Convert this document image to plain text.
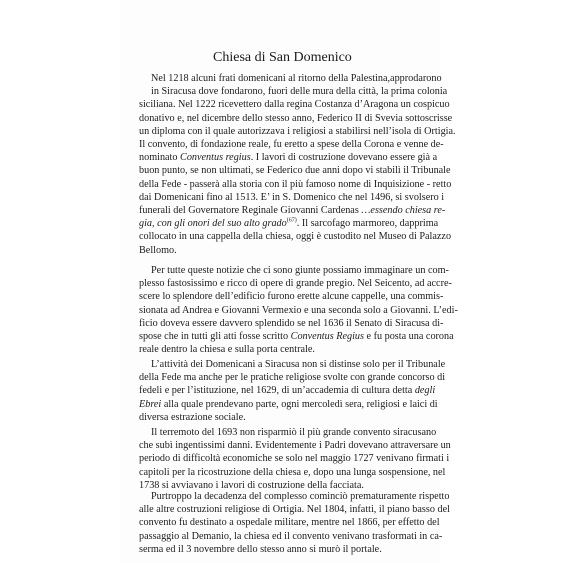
Chiesa di San Domenico
Nel 1218 alcuni frati domenicani al ritorno della Palestina,approdarono
in Siracusa dove fondarono, fuori delle mura della città, la prima colonia
siciliana. Nel 1222 ricevettero dalla regina Costanza d’Aragona un cospicuo
donativo e, nel dicembre dello stesso anno, Federico II di Svevia sottoscrisse
un diploma con il quale autorizzava i religiosi a stabilirsi nell’isola di Ortigia.
Il convento, di fondazione reale, fu eretto a spese della Corona e venne de-
nominato Conventus regius. I lavori di costruzione dovevano essere già a
buon punto, se non ultimati, se Federico due anni dopo vi stabilì il Tribunale
della Fede - passerà alla storia con il più famoso nome di Inquisizione - retto
dai Domenicani fino al 1513. E’ in S. Domenico che nel 1496, si svolsero i
funerali del Governatore Reginale Giovanni Cardenas …essendo chiesa re-
gia, con gli onori del suo alto grado$^{(67)}$. Il sarcofago marmoreo, dapprima
collocato in una cappella della chiesa, oggi è custodito nel Museo di Palazzo
Bellomo.
Per tutte queste notizie che ci sono giunte possiamo immaginare un com-
plesso fastosissimo e ricco di opere di grande pregio. Nel Seicento, ad accre-
scere lo splendore dell’edificio furono erette alcune cappelle, una commis-
sionata ad Andrea e Giovanni Vermexio e una seconda solo a Giovanni. L’edi-
ficio doveva essere davvero splendido se nel 1636 il Senato di Siracusa di-
spose che in tutti gli atti fosse scritto Conventus Regius e fu posta una corona
reale dentro la chiesa e sulla porta centrale.
L’attività dei Domenicani a Siracusa non si distinse solo per il Tribunale
della Fede ma anche per le pratiche religiose svolte con grande concorso di
fedeli e per l’istituzione, nel 1629, di un’accademia di cultura detta degli
Ebrei alla quale prendevano parte, ogni mercoledì sera, religiosi e laici di
diversa estrazione sociale.
Il terremoto del 1693 non risparmiò il più grande convento siracusano
che subì ingentissimi danni. Evidentemente i Padri dovevano attraversare un
periodo di difficoltà economiche se solo nel maggio 1727 venivano firmati i
capitoli per la ricostruzione della chiesa e, dopo una lunga sospensione, nel
1738 si avviavano i lavori di costruzione della facciata.
Purtroppo la decadenza del complesso cominciò prematuramente rispetto
alle altre costruzioni religiose di Ortigia. Nel 1804, infatti, il piano basso del
convento fu destinato a ospedale militare, mentre nel 1866, per effetto del
passaggio al Demanio, la chiesa ed il convento venivano trasformati in ca-
serma ed il 3 novembre dello stesso anno si murò il portale.
